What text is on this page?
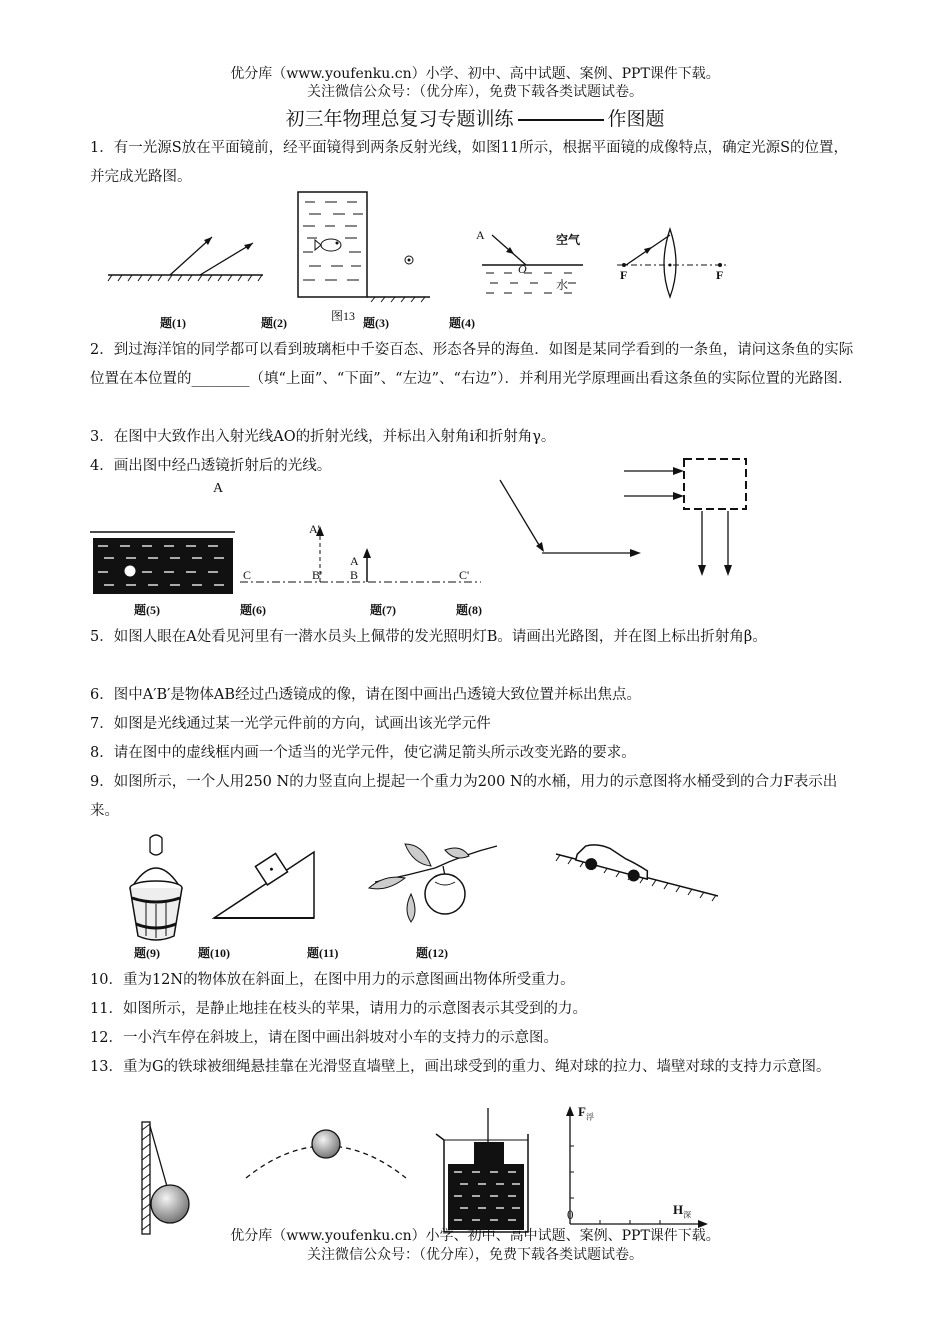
优分库（www.youfenku.cn）小学、初中、高中试题、案例、PPT课件下载。
关注微信公众号：（优分库），免费下载各类试题试卷。
初三年物理总复习专题训练	作图题
1．有一光源S放在平面镜前，经平面镜得到两条反射光线，如图11所示，根据平面镜的成像特点，确定光源S的位置，并完成光路图。
A	空气
O
水
F	F
题(1)	题(2)	图13 题(3)	题(4)
2．到过海洋馆的同学都可以看到玻璃柜中千姿百态、形态各异的海鱼．如图是某同学看到的一条鱼，请问这条鱼的实际位置在本位置的________（填“上面”、“下面”、“左边”、“右边”）．并利用光学原理画出看这条鱼的实际位置的光路图．
3．在图中大致作出入射光线AO的折射光线，并标出入射角i和折射角γ。
4．画出图中经凸透镜折射后的光线。
A
A'
C	B'
A
B	C'
题(5)	题(6)	题(7)	题(8)
5．如图人眼在A处看见河里有一潜水员头上佩带的发光照明灯B。请画出光路图，并在图上标出折射角β。
6．图中A′B′是物体AB经过凸透镜成的像，请在图中画出凸透镜大致位置并标出焦点。
7．如图是光线通过某一光学元件前的方向，试画出该光学元件
8．请在图中的虚线框内画一个适当的光学元件，使它满足箭头所示改变光路的要求。
9．如图所示，一个人用250 N的力竖直向上提起一个重力为200 N的水桶，用力的示意图将水桶受到的合力F表示出来。
题(9)	题(10)	题(11)	题(12)
10．重为12N的物体放在斜面上，在图中用力的示意图画出物体所受重力。
11．如图所示，是静止地挂在枝头的苹果，请用力的示意图表示其受到的力。
12．一小汽车停在斜坡上，请在图中画出斜坡对小车的支持力的示意图。
13．重为G的铁球被细绳悬挂靠在光滑竖直墙壁上，画出球受到的重力、绳对球的拉力、墙壁对球的支持力示意图。
$F_浮$
0	$H_深$
优分库（www.youfenku.cn）小学、初中、高中试题、案例、PPT课件下载。
关注微信公众号：（优分库），免费下载各类试题试卷。
